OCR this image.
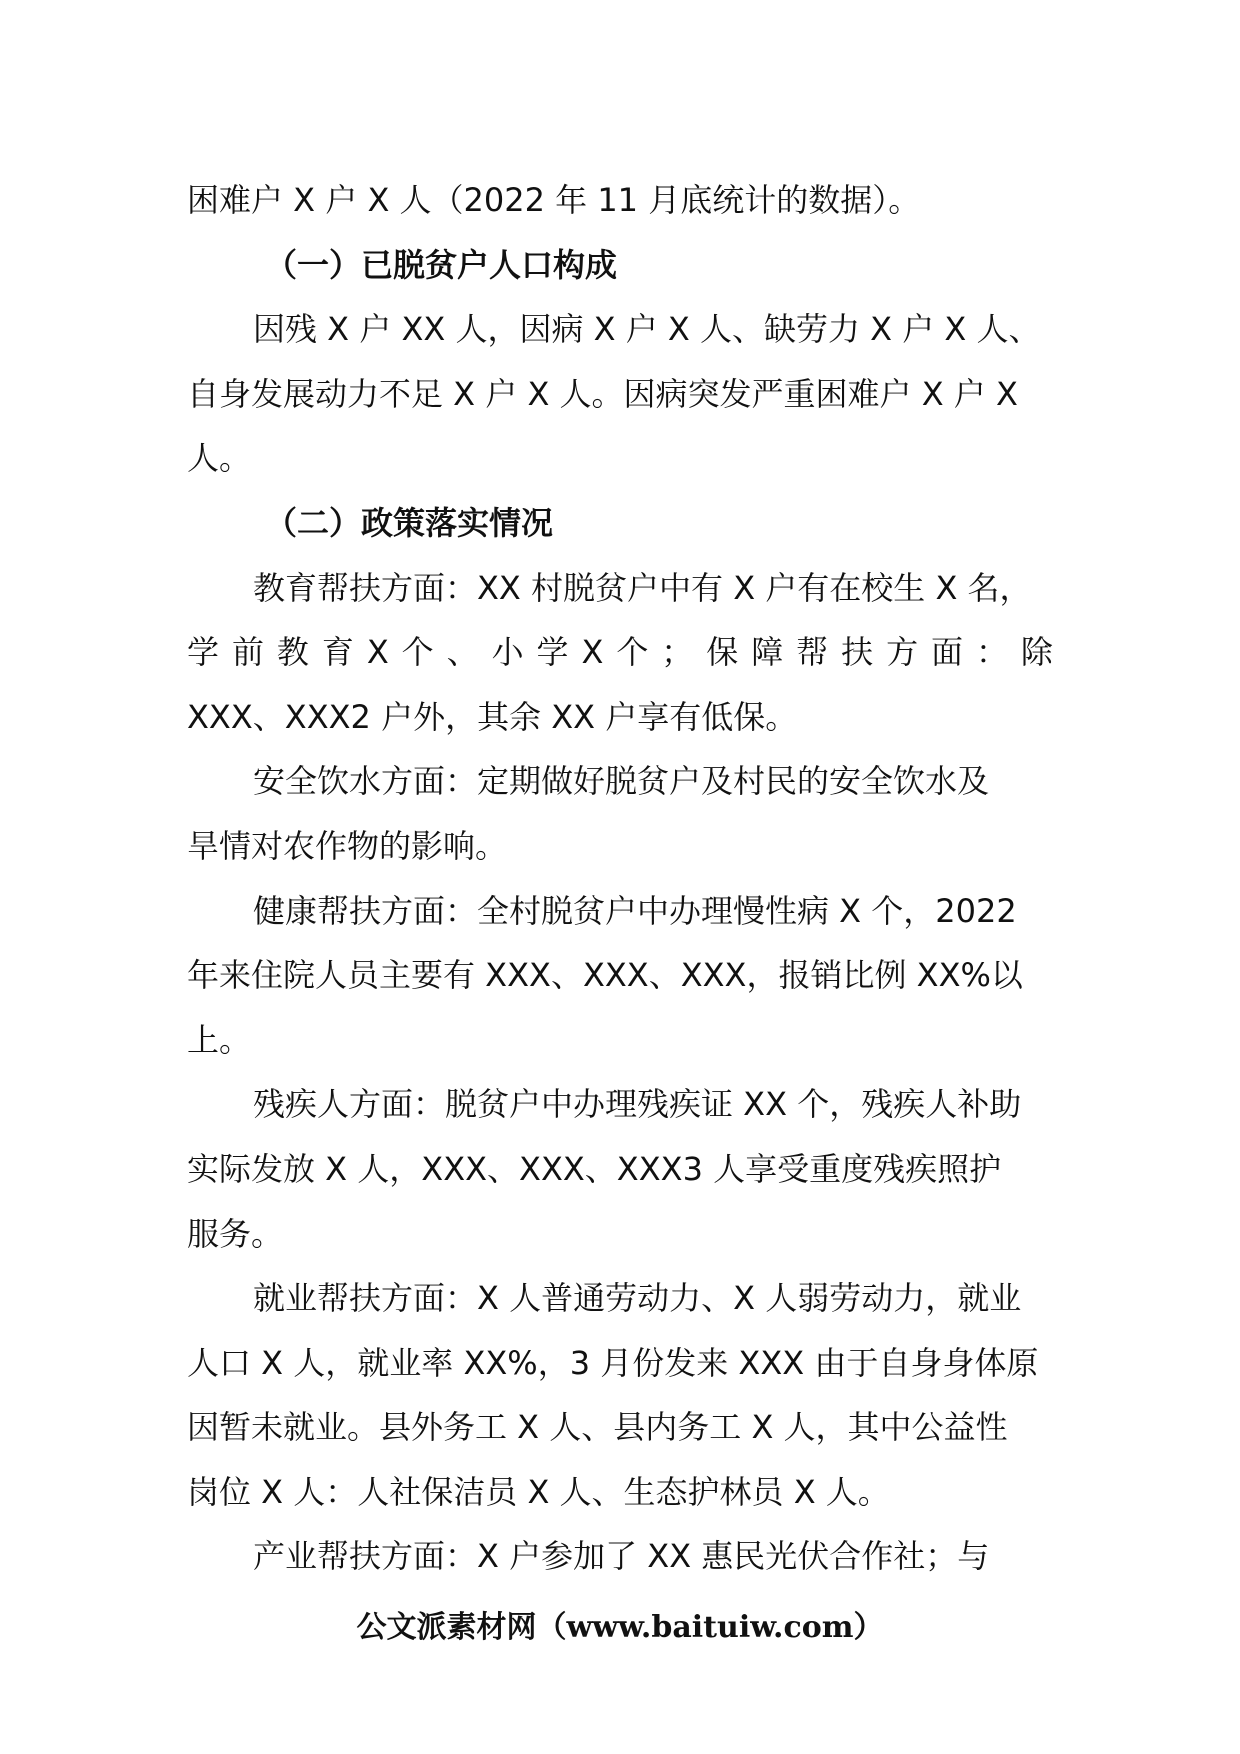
困难户 X 户 X 人（2022 年 11 月底统计的数据）。
（一）已脱贫户人口构成
因残 X 户 XX 人，因病 X 户 X 人、缺劳力 X 户 X 人、
自身发展动力不足 X 户 X 人。因病突发严重困难户 X 户 X
人。
（二）政策落实情况
教育帮扶方面：XX 村脱贫户中有 X 户有在校生 X 名，
学 前 教 育 X 个 、 小 学 X 个 ； 保 障 帮 扶 方 面 ： 除
XXX、XXX2 户外，其余 XX 户享有低保。
安全饮水方面：定期做好脱贫户及村民的安全饮水及
旱情对农作物的影响。
健康帮扶方面：全村脱贫户中办理慢性病 X 个，2022
年来住院人员主要有 XXX、XXX、XXX，报销比例 XX%以
上。
残疾人方面：脱贫户中办理残疾证 XX 个，残疾人补助
实际发放 X 人，XXX、XXX、XXX3 人享受重度残疾照护
服务。
就业帮扶方面：X 人普通劳动力、X 人弱劳动力，就业
人口 X 人，就业率 XX%，3 月份发来 XXX 由于自身身体原
因暂未就业。县外务工 X 人、县内务工 X 人，其中公益性
岗位 X 人：人社保洁员 X 人、生态护林员 X 人。
产业帮扶方面：X 户参加了 XX 惠民光伏合作社；与
公文派素材网（www.baituiw.com）
